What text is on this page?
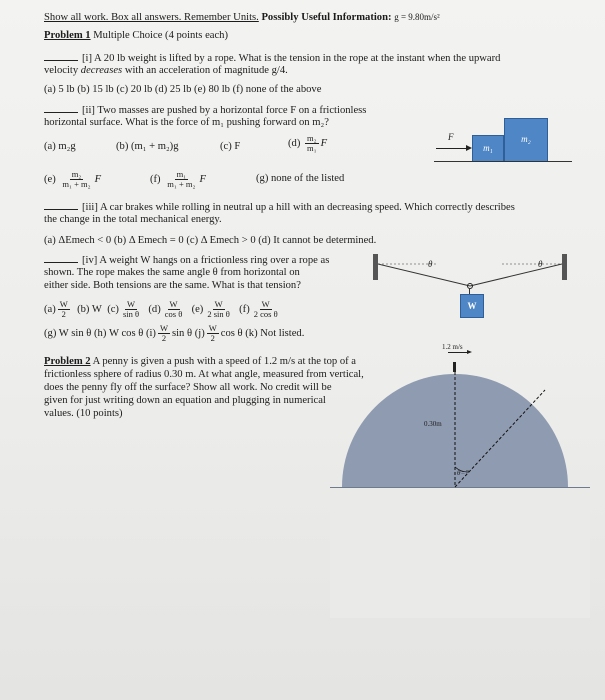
Show all work. Box all answers. Remember Units. Possibly Useful Information: g = 9.80m/s²
Problem 1 Multiple Choice (4 points each)
[i] A 20 lb weight is lifted by a rope. What is the tension in the rope at the instant when the upward
velocity decreases with an acceleration of magnitude g/4.
(a) 5 lb (b) 15 lb (c) 20 lb (d) 25 lb (e) 80 lb (f) none of the above
[ii] Two masses are pushed by a horizontal force F on a frictionless
horizontal surface. What is the force of m₁ pushing forward on m₂?
(a) m₂g	(b) (m₁ + m₂)g	(c) F	$(d) \frac{\text{m₂}}{\text{m₁}}$ F
$(e) \frac{\text{m₂}}{\text{m₁ + m₂}}$ F	$(f) \frac{\text{m₁}}{\text{m₁ + m₂}}$ F	(g) none of the listed
F
m₁
m₂
[iii] A car brakes while rolling in neutral up a hill with an decreasing speed. Which correctly describes
the change in the total mechanical energy.
(a) ΔEmech < 0 (b) Δ Emech = 0 (c) Δ Emech > 0 (d) It cannot be determined.
[iv] A weight W hangs on a frictionless ring over a rope as
shown. The rope makes the same angle θ from horizontal on
either side. Both tensions are the same. What is that tension?
$(a) \frac{W}{2} (b)$ W $(c) \frac{W}{\text{sin θ}} (d) \frac{W}{\text{cos θ}} (e) \frac{W}{\text{2 sin θ}} (f) \frac{W}{\text{2 cos θ}}$
(g) W sin θ (h) W cos θ $(i) \frac{W}{2}$ sin θ $(j) \frac{W}{2}$ cos θ (k) Not listed.
θ	θ
W
Problem 2 A penny is given a push with a speed of 1.2 m/s at the top of a
frictionless sphere of radius 0.30 m. At what angle, measured from vertical,
does the penny fly off the surface? Show all work. No credit will be
given for just writing down an equation and plugging in numerical
values. (10 points)
1.2 m/s
0.30m
θ=?
